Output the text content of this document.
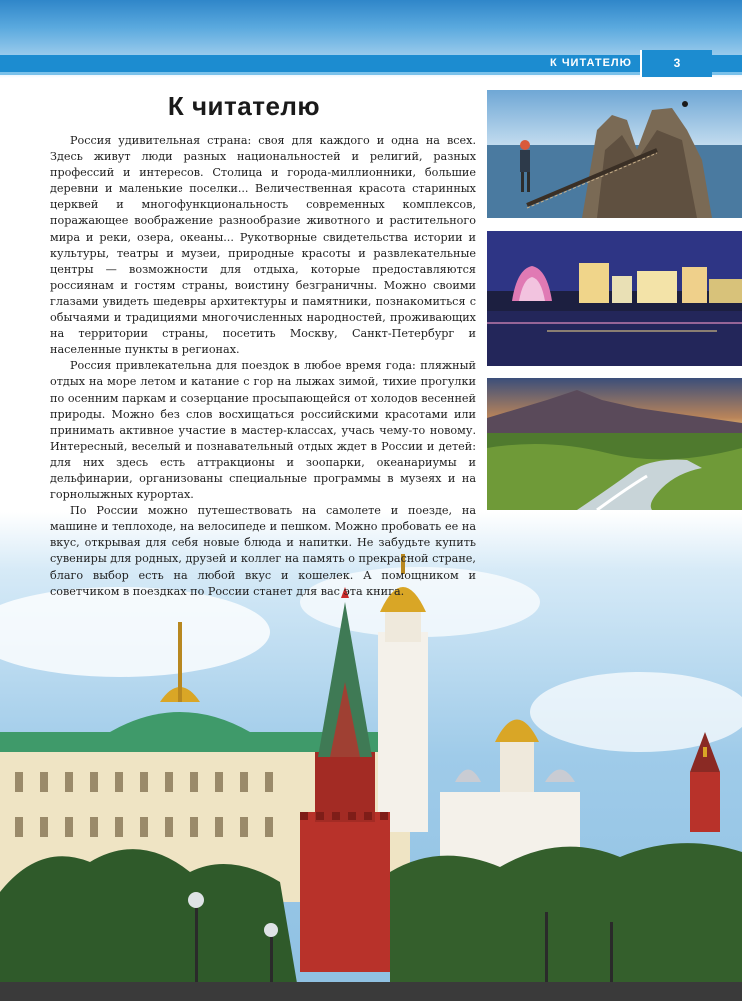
К ЧИТАТЕЛЮ	3
К читателю

Россия удивительная страна: своя для каждого и одна на всех. Здесь живут люди разных национальностей и религий, разных профессий и интересов. Столица и города-миллионники, большие деревни и маленькие поселки... Величественная красота старинных церквей и многофункциональность современных комплексов, поражающее воображение разнообразие животного и растительного мира и реки, озера, океаны... Рукотворные свидетельства истории и культуры, театры и музеи, природные красоты и развлекательные центры — возможности для отдыха, которые предоставляются россиянам и гостям страны, воистину безграничны. Можно своими глазами увидеть шедевры архитектуры и памятники, познакомиться с обычаями и традициями многочисленных народностей, проживающих на территории страны, посетить Москву, Санкт-Петербург и населенные пункты в регионах.

Россия привлекательна для поездок в любое время года: пляжный отдых на море летом и катание с гор на лыжах зимой, тихие прогулки по осенним паркам и созерцание просыпающейся от холодов весенней природы. Можно без слов восхищаться российскими красотами или принимать активное участие в мастер-классах, учась чему-то новому. Интересный, веселый и познавательный отдых ждет в России и детей: для них здесь есть аттракционы и зоопарки, океанариумы и дельфинарии, организованы специальные программы в музеях и на горнолыжных курортах.

По России можно путешествовать на самолете и поезде, на машине и теплоходе, на велосипеде и пешком. Можно пробовать ее на вкус, открывая для себя новые блюда и напитки. Не забудьте купить сувениры для родных, друзей и коллег на память о прекрасной стране, благо выбор есть на любой вкус и кошелек. А помощником и советчиком в поездках по России станет для вас эта книга.
